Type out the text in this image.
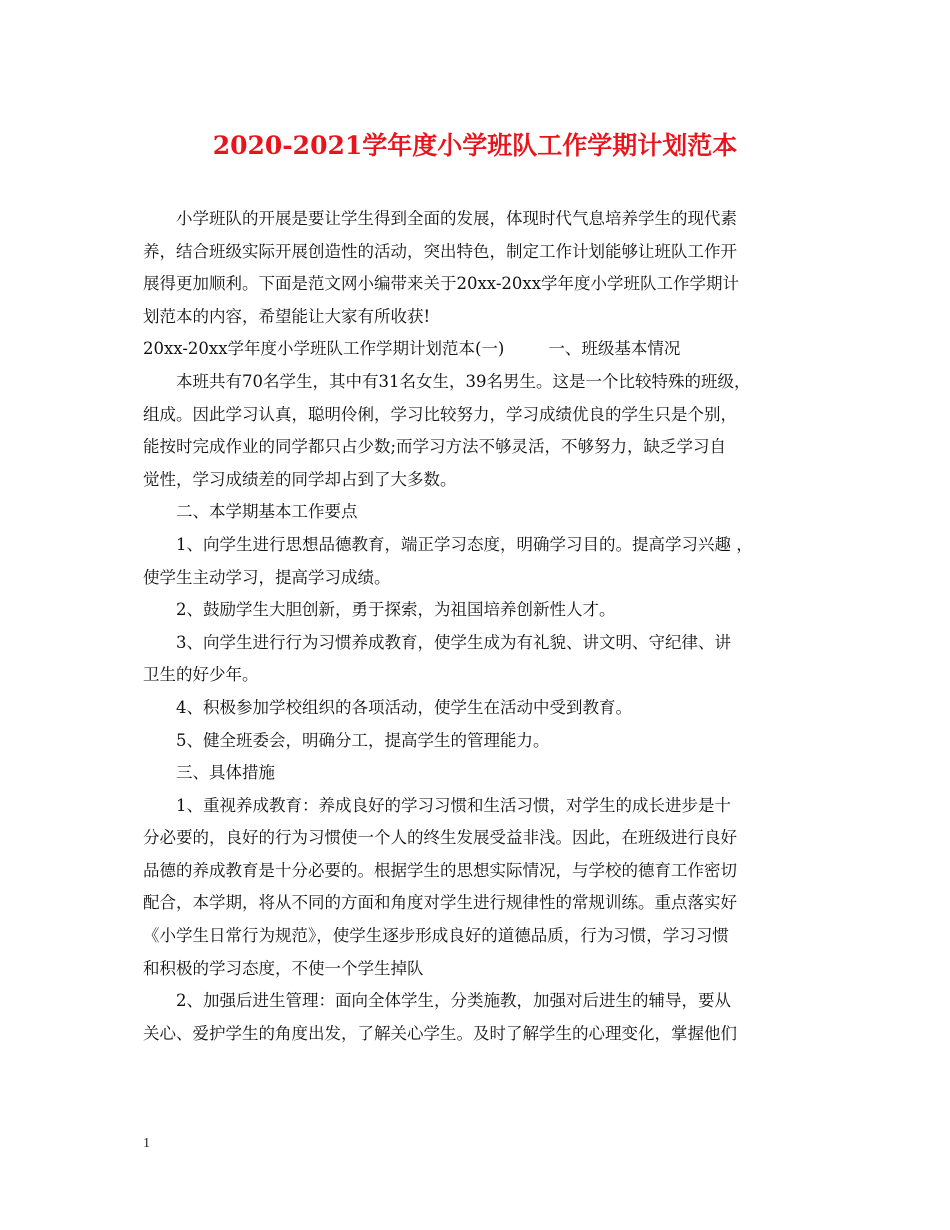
2020-2021学年度小学班队工作学期计划范本
小学班队的开展是要让学生得到全面的发展，体现时代气息培养学生的现代素
养，结合班级实际开展创造性的活动，突出特色，制定工作计划能够让班队工作开
展得更加顺利。下面是范文网小编带来关于20xx-20xx学年度小学班队工作学期计
划范本的内容，希望能让大家有所收获!
20xx-20xx学年度小学班队工作学期计划范本(一)	一、班级基本情况
本班共有70名学生，其中有31名女生，39名男生。这是一个比较特殊的班级，
组成。因此学习认真，聪明伶俐，学习比较努力，学习成绩优良的学生只是个别，
能按时完成作业的同学都只占少数;而学习方法不够灵活，不够努力，缺乏学习自
觉性，学习成绩差的同学却占到了大多数。
二、本学期基本工作要点
1、向学生进行思想品德教育，端正学习态度，明确学习目的。提高学习兴趣 ，
使学生主动学习，提高学习成绩。
2、鼓励学生大胆创新，勇于探索，为祖国培养创新性人才。
3、向学生进行行为习惯养成教育，使学生成为有礼貌、讲文明、守纪律、讲
卫生的好少年。
4、积极参加学校组织的各项活动，使学生在活动中受到教育。
5、健全班委会，明确分工，提高学生的管理能力。
三、具体措施
1、重视养成教育：养成良好的学习习惯和生活习惯，对学生的成长进步是十
分必要的，良好的行为习惯使一个人的终生发展受益非浅。因此，在班级进行良好
品德的养成教育是十分必要的。根据学生的思想实际情况，与学校的德育工作密切
配合，本学期，将从不同的方面和角度对学生进行规律性的常规训练。重点落实好
《小学生日常行为规范》，使学生逐步形成良好的道德品质，行为习惯，学习习惯
和积极的学习态度，不使一个学生掉队
2、加强后进生管理：面向全体学生，分类施教，加强对后进生的辅导，要从
关心、爱护学生的角度出发，了解关心学生。及时了解学生的心理变化，掌握他们
1
